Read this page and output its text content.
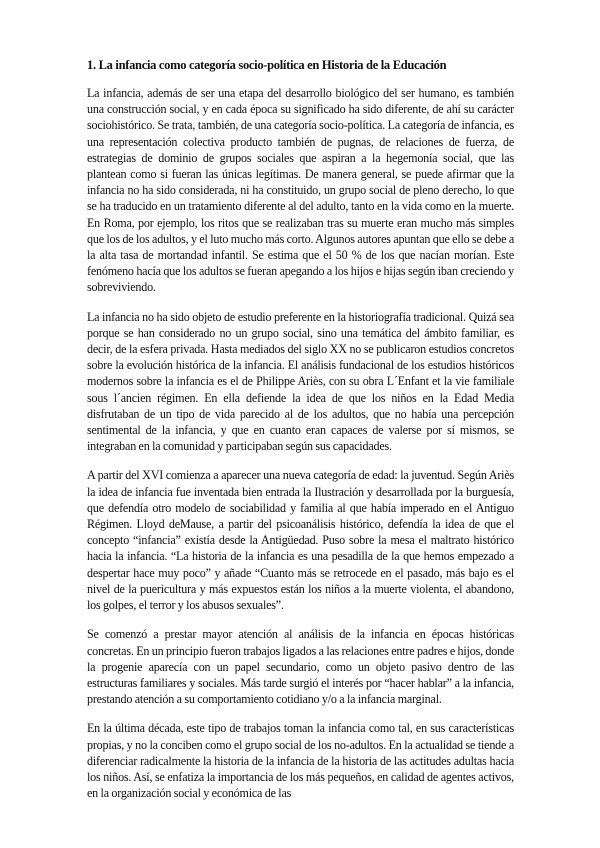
1. La infancia como categoría socio-política en Historia de la Educación

La infancia, además de ser una etapa del desarrollo biológico del ser humano, es también una construcción social, y en cada época su significado ha sido diferente, de ahí su carácter sociohistórico. Se trata, también, de una categoría socio-política. La categoría de infancia, es una representación colectiva producto también de pugnas, de relaciones de fuerza, de estrategias de dominio de grupos sociales que aspiran a la hegemonía social, que las plantean como si fueran las únicas legítimas. De manera general, se puede afirmar que la infancia no ha sido considerada, ni ha constituido, un grupo social de pleno derecho, lo que se ha traducido en un tratamiento diferente al del adulto, tanto en la vida como en la muerte. En Roma, por ejemplo, los ritos que se realizaban tras su muerte eran mucho más simples que los de los adultos, y el luto mucho más corto. Algunos autores apuntan que ello se debe a la alta tasa de mortandad infantil. Se estima que el 50 % de los que nacían morían. Este fenómeno hacía que los adultos se fueran apegando a los hijos e hijas según iban creciendo y sobreviviendo.

La infancia no ha sido objeto de estudio preferente en la historiografía tradicional. Quizá sea porque se han considerado no un grupo social, sino una temática del ámbito familiar, es decir, de la esfera privada. Hasta mediados del siglo XX no se publicaron estudios concretos sobre la evolución histórica de la infancia. El análisis fundacional de los estudios históricos modernos sobre la infancia es el de Philippe Ariès, con su obra L´Enfant et la vie familiale sous l´ancien régimen. En ella defiende la idea de que los niños en la Edad Media disfrutaban de un tipo de vida parecido al de los adultos, que no había una percepción sentimental de la infancia, y que en cuanto eran capaces de valerse por sí mismos, se integraban en la comunidad y participaban según sus capacidades.

A partir del XVI comienza a aparecer una nueva categoría de edad: la juventud. Según Ariès la idea de infancia fue inventada bien entrada la Ilustración y desarrollada por la burguesía, que defendía otro modelo de sociabilidad y familia al que había imperado en el Antiguo Régimen. Lloyd deMause, a partir del psicoanálisis histórico, defendía la idea de que el concepto “infancia” existía desde la Antigüedad. Puso sobre la mesa el maltrato histórico hacia la infancia. “La historia de la infancia es una pesadilla de la que hemos empezado a despertar hace muy poco” y añade “Cuanto más se retrocede en el pasado, más bajo es el nivel de la puericultura y más expuestos están los niños a la muerte violenta, el abandono, los golpes, el terror y los abusos sexuales”.

Se comenzó a prestar mayor atención al análisis de la infancia en épocas históricas concretas. En un principio fueron trabajos ligados a las relaciones entre padres e hijos, donde la progenie aparecía con un papel secundario, como un objeto pasivo dentro de las estructuras familiares y sociales. Más tarde surgió el interés por “hacer hablar” a la infancia, prestando atención a su comportamiento cotidiano y/o a la infancia marginal.

En la última década, este tipo de trabajos toman la infancia como tal, en sus características propias, y no la conciben como el grupo social de los no-adultos. En la actualidad se tiende a diferenciar radicalmente la historia de la infancia de la historia de las actitudes adultas hacia los niños. Así, se enfatiza la importancia de los más pequeños, en calidad de agentes activos, en la organización social y económica de las
